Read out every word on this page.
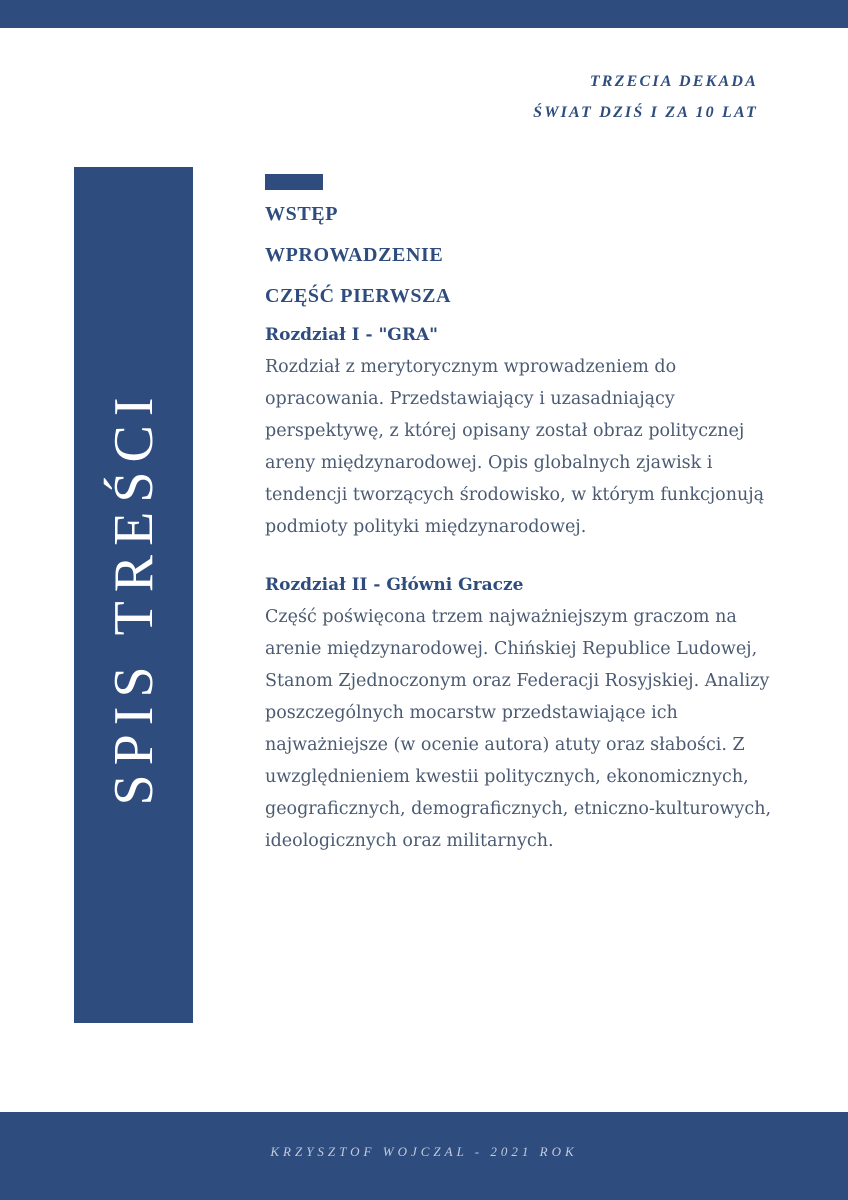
TRZECIA DEKADA
ŚWIAT DZIŚ I ZA 10 LAT
SPIS TREŚCI
WSTĘP
WPROWADZENIE
CZĘŚĆ PIERWSZA
Rozdział I - "GRA"
Rozdział z merytorycznym wprowadzeniem do opracowania. Przedstawiający i uzasadniający perspektywę, z której opisany został obraz politycznej areny międzynarodowej. Opis globalnych zjawisk i tendencji tworzących środowisko, w którym funkcjonują podmioty polityki międzynarodowej.
Rozdział II - Główni Gracze
Część poświęcona trzem najważniejszym graczom na arenie międzynarodowej. Chińskiej Republice Ludowej, Stanom Zjednoczonym oraz Federacji Rosyjskiej. Analizy poszczególnych mocarstw przedstawiające ich najważniejsze (w ocenie autora) atuty oraz słabości. Z uwzględnieniem kwestii politycznych, ekonomicznych, geograficznych, demograficznych, etniczno-kulturowych, ideologicznych oraz militarnych.
KRZYSZTOF WOJCZAL - 2021 ROK
